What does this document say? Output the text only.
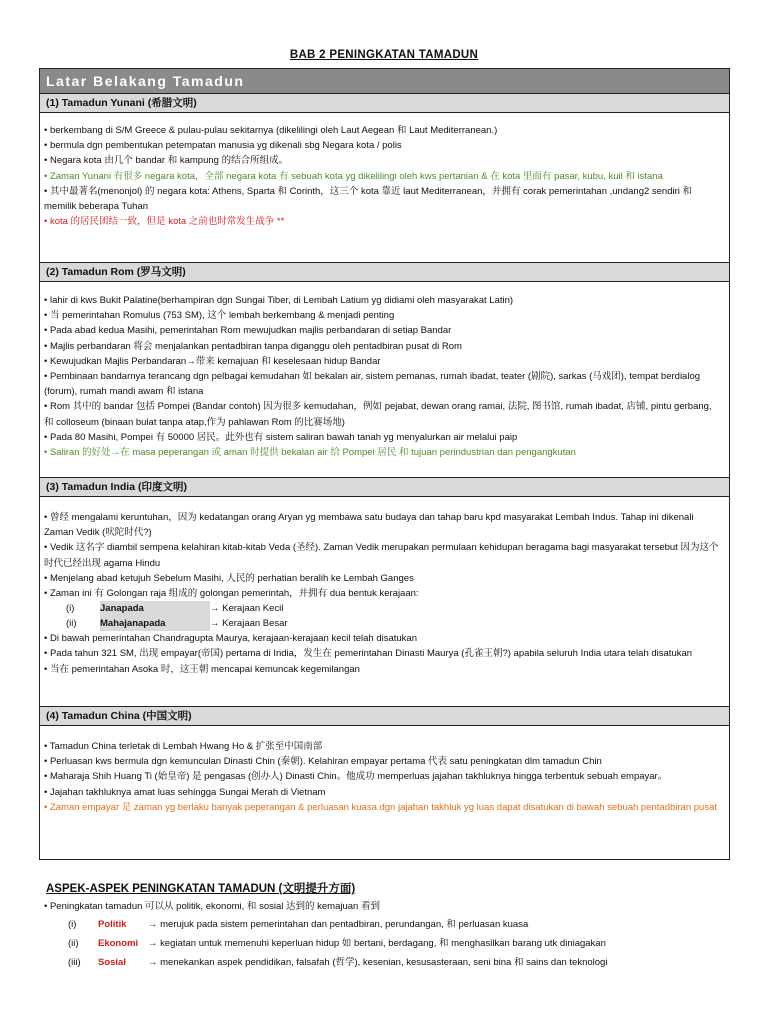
BAB 2 PENINGKATAN TAMADUN
Latar Belakang Tamadun
(1) Tamadun Yunani (希腊文明)

• berkembang di S/M Greece & pulau-pulau sekitarnya (dikelilingi oleh Laut Aegean 和 Laut Mediterranean.)

• bermula dgn pembentukan petempatan manusia yg dikenali sbg Negara kota / polis

• Negara kota 由几个 bandar 和 kampung 的结合所组成。

• Zaman Yunani 有很多 negara kota，全部 negara kota 有 sebuah kota yg dikelilingi oleh kws pertanian & 在 kota 里面有 pasar, kubu, kuil 和 istana

• 其中最著名(menonjol) 的 negara kota: Athens, Sparta 和 Corinth，这三个 kota 靠近 laut Mediterranean，并拥有 corak pemerintahan ,undang2 sendiri 和 memilik beberapa Tuhan

• kota 的居民团结一致，但是 kota 之前也时常发生战争 **

(2) Tamadun Rom (罗马文明)

• lahir di kws Bukit Palatine(berhampiran dgn Sungai Tiber, di Lembah Latium yg didiami oleh masyarakat Latin)

• 当 pemerintahan Romulus (753 SM), 这个 lembah berkembang & menjadi penting

• Pada abad kedua Masihi, pemerintahan Rom mewujudkan majlis perbandaran di setiap Bandar

• Majlis perbandaran 将会 menjalankan pentadbiran tanpa diganggu oleh pentadbiran pusat di Rom

• Kewujudkan Majlis Perbandaran→带来 kemajuan 和 keselesaan hidup Bandar

• Pembinaan bandarnya terancang dgn pelbagai kemudahan 如 bekalan air, sistem pemanas, rumah ibadat, teater (剧院), sarkas (马戏团), tempat berdialog (forum), rumah mandi awam 和 istana

• Rom 其中的 bandar 包括 Pompei (Bandar contoh) 因为很多 kemudahan，例如 pejabat, dewan orang ramai, 法院, 图书馆, rumah ibadat, 店铺, pintu gerbang, 和 colloseum (binaan bulat tanpa atap,作为 pahlawan Rom 的比赛场地)

• Pada 80 Masihi, Pompei 有 50000 居民。此外也有 sistem saliran bawah tanah yg menyalurkan air melalui paip

• Saliran 的好处→在 masa peperangan 或 aman 时提供 bekalan air 给 Pompei 居民 和 tujuan perindustrian dan pengangkutan

(3) Tamadun India (印度文明)

• 曾经 mengalami keruntuhan，因为 kedatangan orang Aryan yg membawa satu budaya dan tahap baru kpd masyarakat Lembah Indus. Tahap ini dikenali Zaman Vedik (吠陀时代?)

• Vedik 这名字 diambil sempena kelahiran kitab-kitab Veda (圣经). Zaman Vedik merupakan permulaan kehidupan beragama bagi masyarakat tersebut 因为这个时代已经出现 agama Hindu

• Menjelang abad ketujuh Sebelum Masihi, 人民的 perhatian beralih ke Lembah Ganges

• Zaman ini 有 Golongan raja 组成的 golongan pemerintah，并拥有 dua bentuk kerajaan:

(i)	Janapada	→ Kerajaan Kecil
(ii)	Mahajanapada	→ Kerajaan Besar

• Di bawah pemerintahan Chandragupta Maurya, kerajaan-kerajaan kecil telah disatukan

• Pada tahun 321 SM, 出现 empayar(帝国) pertama di India，发生在 pemerintahan Dinasti Maurya (孔雀王朝?) apabila seluruh India utara telah disatukan

• 当在 pemerintahan Asoka 时，这王朝 mencapai kemuncak kegemilangan

(4) Tamadun China (中国文明)

• Tamadun China terletak di Lembah Hwang Ho & 扩张至中国南部

• Perluasan kws bermula dgn kemunculan Dinasti Chin (秦朝). Kelahiran empayar pertama 代表 satu peningkatan dlm tamadun Chin

• Maharaja Shih Huang Ti (始皇帝) 是 pengasas (创办人) Dinasti Chin。他成功 memperluas jajahan takhluknya hingga terbentuk sebuah empayar。

• Jajahan takhluknya amat luas sehingga Sungai Merah di Vietnam

• Zaman empayar 是 zaman yg berlaku banyak peperangan & perluasan kuasa dgn jajahan takhluk yg luas dapat disatukan di bawah sebuah pentadbiran pusat

ASPEK-ASPEK PENINGKATAN TAMADUN (文明提升方面)

• Peningkatan tamadun 可以从 politik, ekonomi, 和 sosial 达到的 kemajuan 看到

(i)	Politik	→ merujuk pada sistem pemerintahan dan pentadbiran, perundangan, 和 perluasan kuasa
(ii)	Ekonomi	→ kegiatan untuk memenuhi keperluan hidup 如 bertani, berdagang, 和 menghasilkan barang utk diniagakan
(iii)	Sosial	→ menekankan aspek pendidikan, falsafah (哲学), kesenian, kesusasteraan, seni bina 和 sains dan teknologi
